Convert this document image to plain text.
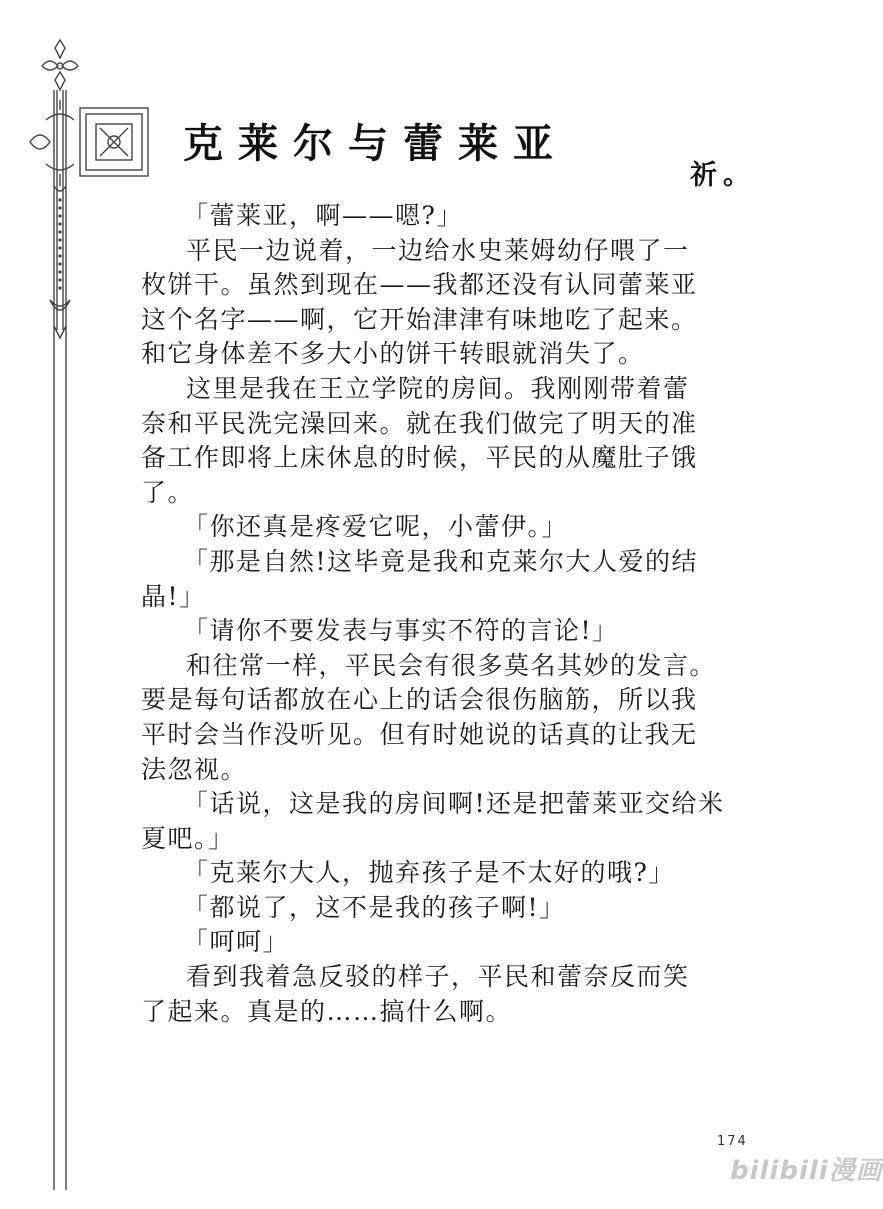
克莱尔与蕾莱亚
祈。
「蕾莱亚，啊——嗯?」
平民一边说着，一边给水史莱姆幼仔喂了一
枚饼干。虽然到现在——我都还没有认同蕾莱亚
这个名字——啊，它开始津津有味地吃了起来。
和它身体差不多大小的饼干转眼就消失了。
这里是我在王立学院的房间。我刚刚带着蕾
奈和平民洗完澡回来。就在我们做完了明天的准
备工作即将上床休息的时候，平民的从魔肚子饿
了。
「你还真是疼爱它呢，小蕾伊。」
「那是自然!这毕竟是我和克莱尔大人爱的结
晶!」
「请你不要发表与事实不符的言论!」
和往常一样，平民会有很多莫名其妙的发言。
要是每句话都放在心上的话会很伤脑筋，所以我
平时会当作没听见。但有时她说的话真的让我无
法忽视。
「话说，这是我的房间啊!还是把蕾莱亚交给米
夏吧。」
「克莱尔大人，抛弃孩子是不太好的哦?」
「都说了，这不是我的孩子啊!」
「呵呵」
看到我着急反驳的样子，平民和蕾奈反而笑
了起来。真是的……搞什么啊。
174
bilibili漫画
